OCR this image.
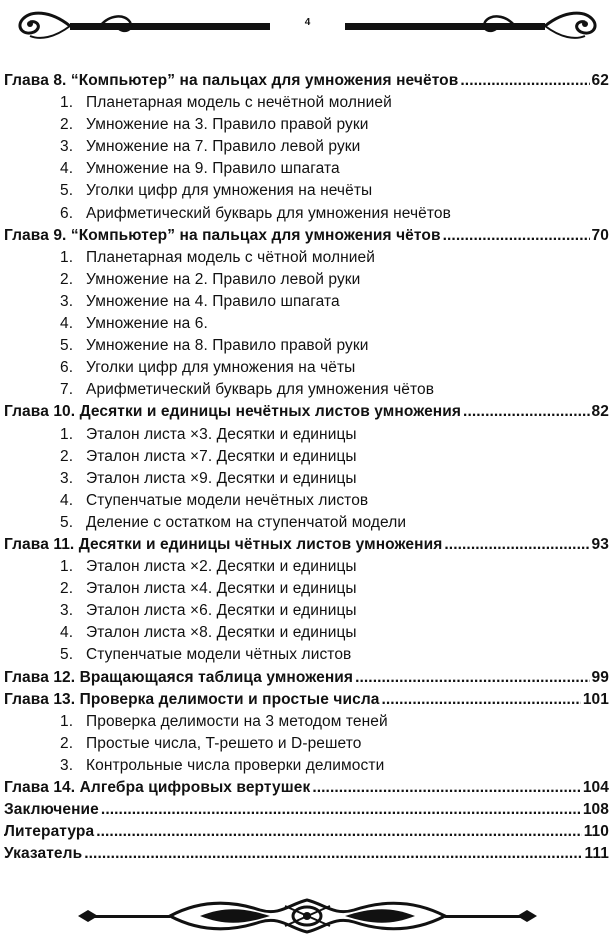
4
Глава 8. “Компьютер” на пальцах для умножения нечётов .....	62
1. Планетарная модель с нечётной молнией
2. Умножение на 3. Правило правой руки
3. Умножение на 7. Правило левой руки
4. Умножение на 9. Правило шпагата
5. Уголки цифр для умножения на нечёты
6. Арифметический букварь для умножения нечётов
Глава 9. “Компьютер” на пальцах для умножения чётов .....	70
1. Планетарная модель с чётной молнией
2. Умножение на 2. Правило левой руки
3. Умножение на 4. Правило шпагата
4. Умножение на 6.
5. Умножение на 8. Правило правой руки
6. Уголки цифр для умножения на чёты
7. Арифметический букварь для умножения чётов
Глава 10. Десятки и единицы нечётных листов умножения .....	82
1. Эталон листа ×3. Десятки и единицы
2. Эталон листа ×7. Десятки и единицы
3. Эталон листа ×9. Десятки и единицы
4. Ступенчатые модели нечётных листов
5. Деление с остатком на ступенчатой модели
Глава 11. Десятки и единицы чётных листов умножения .....	93
1. Эталон листа ×2. Десятки и единицы
2. Эталон листа ×4. Десятки и единицы
3. Эталон листа ×6. Десятки и единицы
4. Эталон листа ×8. Десятки и единицы
5. Ступенчатые модели чётных листов
Глава 12. Вращающаяся таблица умножения .....	99
Глава 13. Проверка делимости и простые числа .....	101
1. Проверка делимости на 3 методом теней
2. Простые числа, T-решето и D-решето
3. Контрольные числа проверки делимости
Глава 14. Алгебра цифровых вертушек .....	104
Заключение .....	108
Литература .....	110
Указатель .....	111
